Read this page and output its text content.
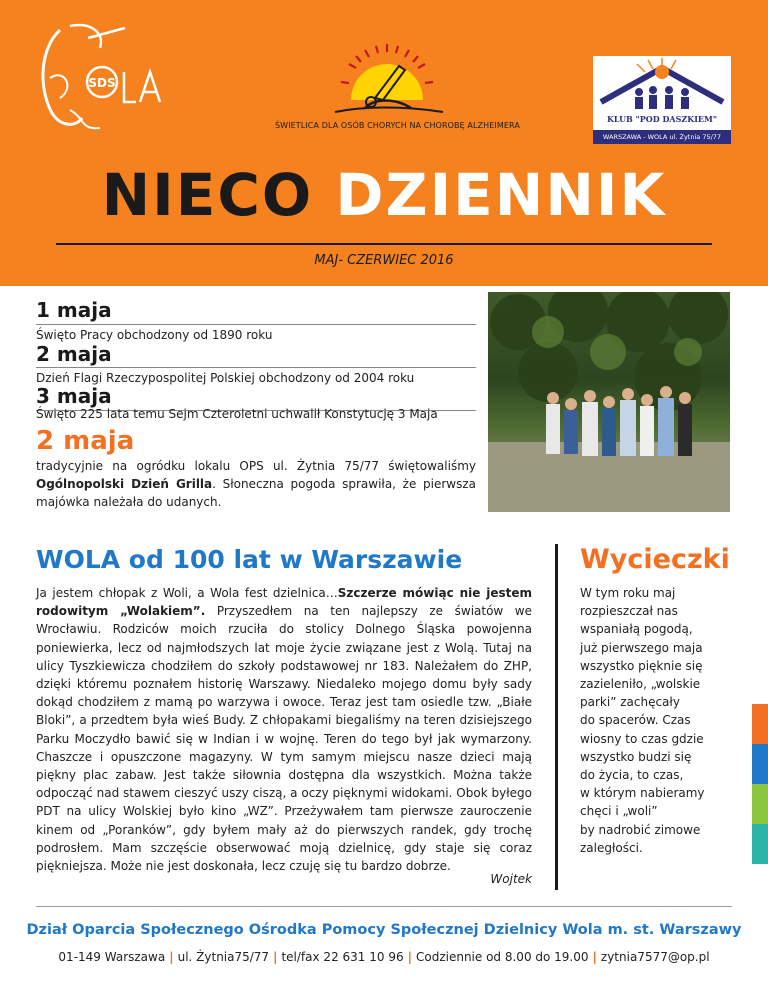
SDS
ŚWIETLICA DLA OSÓB CHORYCH NA CHOROBĘ ALZHEIMERA
KLUB "POD DASZKIEM"
WARSZAWA - WOLA ul. Żytnia 75/77
NIECO DZIENNIK
MAJ- CZERWIEC 2016
1 maja
Święto Pracy obchodzony od 1890 roku
2 maja
Dzień Flagi Rzeczypospolitej Polskiej obchodzony od 2004 roku
3 maja
Święto 225 lata temu Sejm Czteroletni uchwalił Konstytucję 3 Maja
2 maja
tradycyjnie na ogródku lokalu OPS ul. Żytnia 75/77 świętowaliśmy Ogólnopolski Dzień Grilla. Słoneczna pogoda sprawiła, że pierwsza majówka należała do udanych.
WOLA od 100 lat w Warszawie
Ja jestem chłopak z Woli, a Wola fest dzielnica…Szczerze mówiąc nie jestem rodowitym „Wolakiem”. Przyszedłem na ten najlepszy ze światów we Wrocławiu. Rodziców moich rzuciła do stolicy Dolnego Śląska powojenna poniewierka, lecz od najmłodszych lat moje życie związane jest z Wolą. Tutaj na ulicy Tyszkiewicza chodziłem do szkoły podstawowej nr 183. Należałem do ZHP, dzięki któremu poznałem historię Warszawy. Niedaleko mojego domu były sady dokąd chodziłem z mamą po warzywa i owoce. Teraz jest tam osiedle tzw. „Białe Bloki”, a przedtem była wieś Budy. Z chłopakami biegaliśmy na teren dzisiejszego Parku Moczydło bawić się w Indian i w wojnę. Teren do tego był jak wymarzony. Chaszcze i opuszczone magazyny. W tym samym miejscu nasze dzieci mają piękny plac zabaw. Jest także siłownia dostępna dla wszystkich. Można także odpocząć nad stawem cieszyć uszy ciszą, a oczy pięknymi widokami. Obok byłego PDT na ulicy Wolskiej było kino „WZ”. Przeżywałem tam pierwsze zauroczenie kinem od „Poranków”, gdy byłem mały aż do pierwszych randek, gdy trochę podrosłem. Mam szczęście obserwować moją dzielnicę, gdy staje się coraz piękniejsza. Może nie jest doskonała, lecz czuję się tu bardzo dobrze.
Wojtek
Wycieczki
W tym roku maj
rozpieszczał nas
wspaniałą pogodą,
już pierwszego maja
wszystko pięknie się
zazieleniło, „wolskie
parki” zachęcały
do spacerów. Czas
wiosny to czas gdzie
wszystko budzi się
do życia, to czas,
w którym nabieramy
chęci i „woli”
by nadrobić zimowe
zaległości.
Dział Oparcia Społecznego Ośrodka Pomocy Społecznej Dzielnicy Wola m. st. Warszawy
01-149 Warszawa | ul. Żytnia75/77 | tel/fax 22 631 10 96 | Codziennie od 8.00 do 19.00 | zytnia7577@op.pl
